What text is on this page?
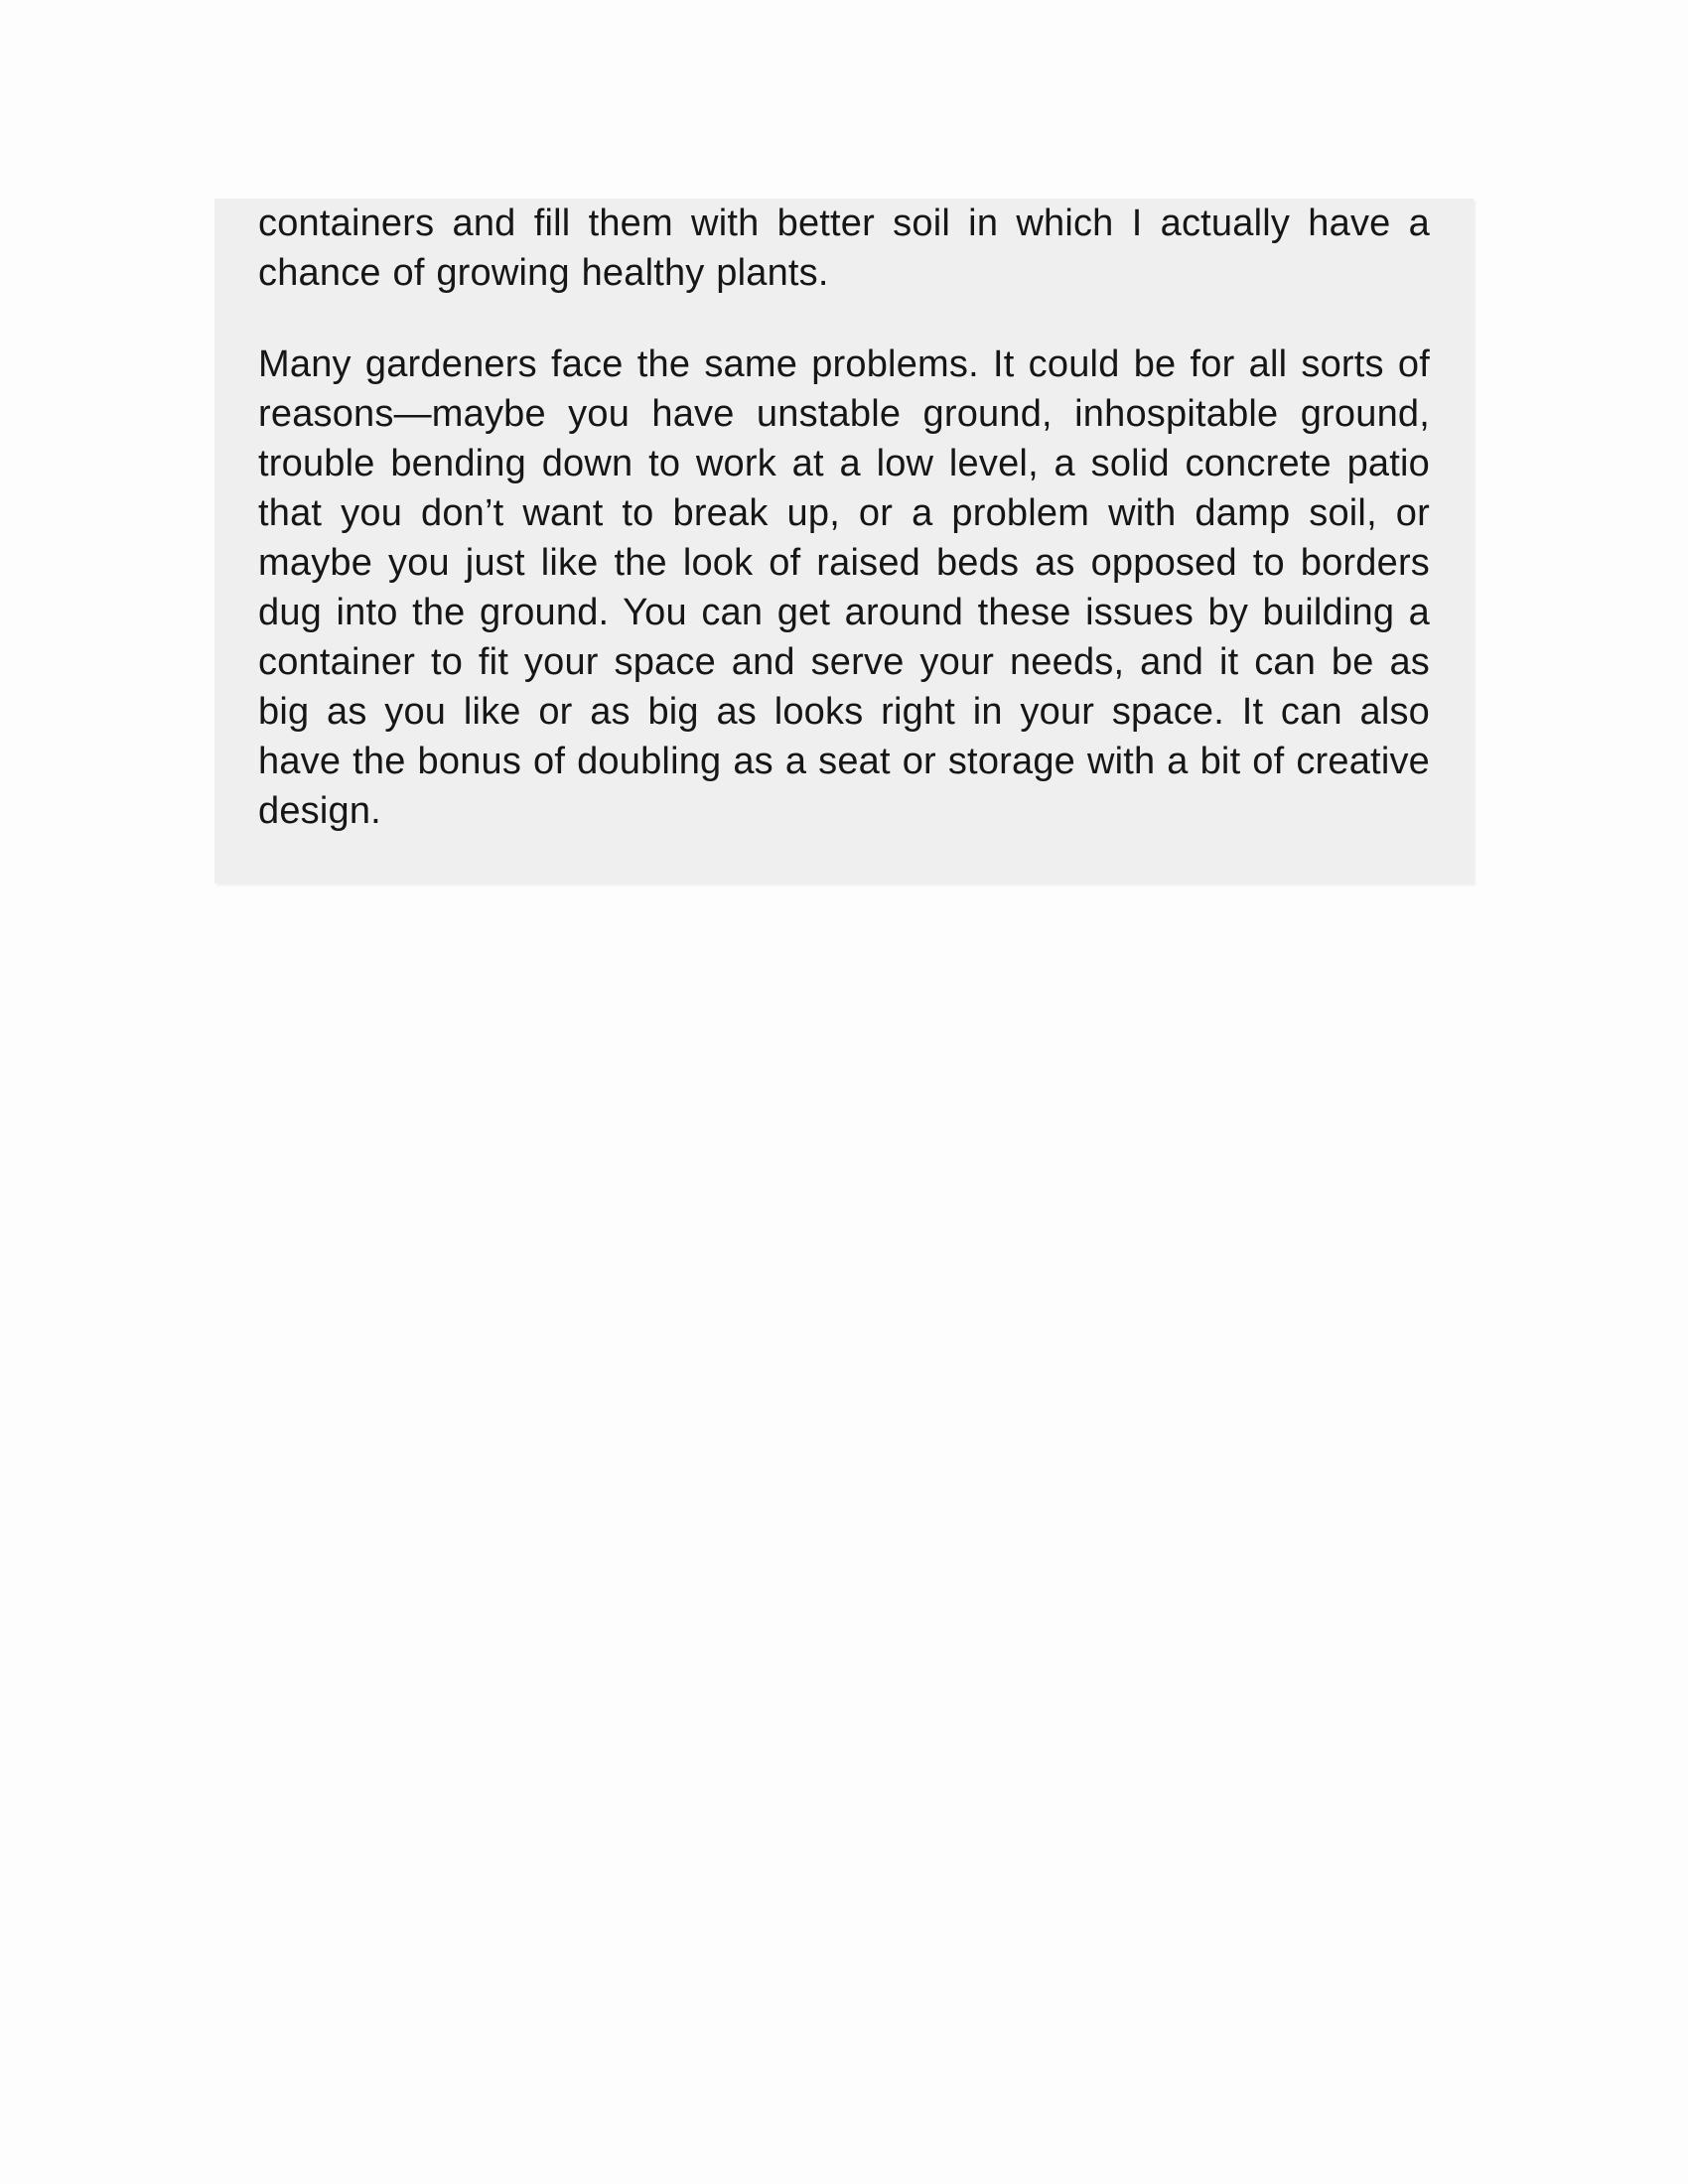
containers and fill them with better soil in which I actually have a chance of growing healthy plants.

Many gardeners face the same problems. It could be for all sorts of reasons—maybe you have unstable ground, inhospitable ground, trouble bending down to work at a low level, a solid concrete patio that you don’t want to break up, or a problem with damp soil, or maybe you just like the look of raised beds as opposed to borders dug into the ground. You can get around these issues by building a container to fit your space and serve your needs, and it can be as big as you like or as big as looks right in your space. It can also have the bonus of doubling as a seat or storage with a bit of creative design.
